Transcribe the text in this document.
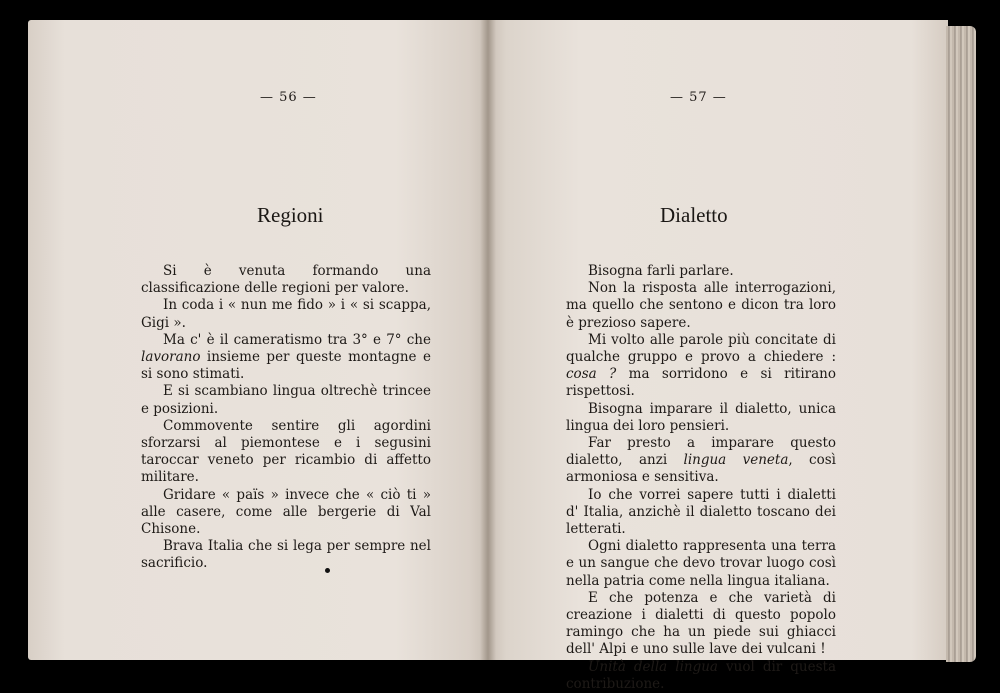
— 56 —
Regioni

Si è venuta formando una classificazione delle regioni per valore.

In coda i « nun me fido » i « si scappa, Gigi ».

Ma c' è il cameratismo tra 3° e 7° che lavorano insieme per queste montagne e si sono stimati.

E si scambiano lingua oltrechè trincee e posizioni.

Commovente sentire gli agordini sforzarsi al piemontese e i segusini taroccar veneto per ricambio di affetto militare.

Gridare « païs » invece che « ciò ti » alle casere, come alle bergerie di Val Chisone.

Brava Italia che si lega per sempre nel sacrificio.

— 57 —
Dialetto

Bisogna farli parlare.

Non la risposta alle interrogazioni, ma quello che sentono e dicon tra loro è prezioso sapere.

Mi volto alle parole più concitate di qualche gruppo e provo a chiedere : cosa ? ma sorridono e si ritirano rispettosi.

Bisogna imparare il dialetto, unica lingua dei loro pensieri.

Far presto a imparare questo dialetto, anzi lingua veneta, così armoniosa e sensitiva.

Io che vorrei sapere tutti i dialetti d' Italia, anzichè il dialetto toscano dei letterati.

Ogni dialetto rappresenta una terra e un sangue che devo trovar luogo così nella patria come nella lingua italiana.

E che potenza e che varietà di creazione i dialetti di questo popolo ramingo che ha un piede sui ghiacci dell' Alpi e uno sulle lave dei vulcani !

Unità della lingua vuol dir questa contribuzione.
